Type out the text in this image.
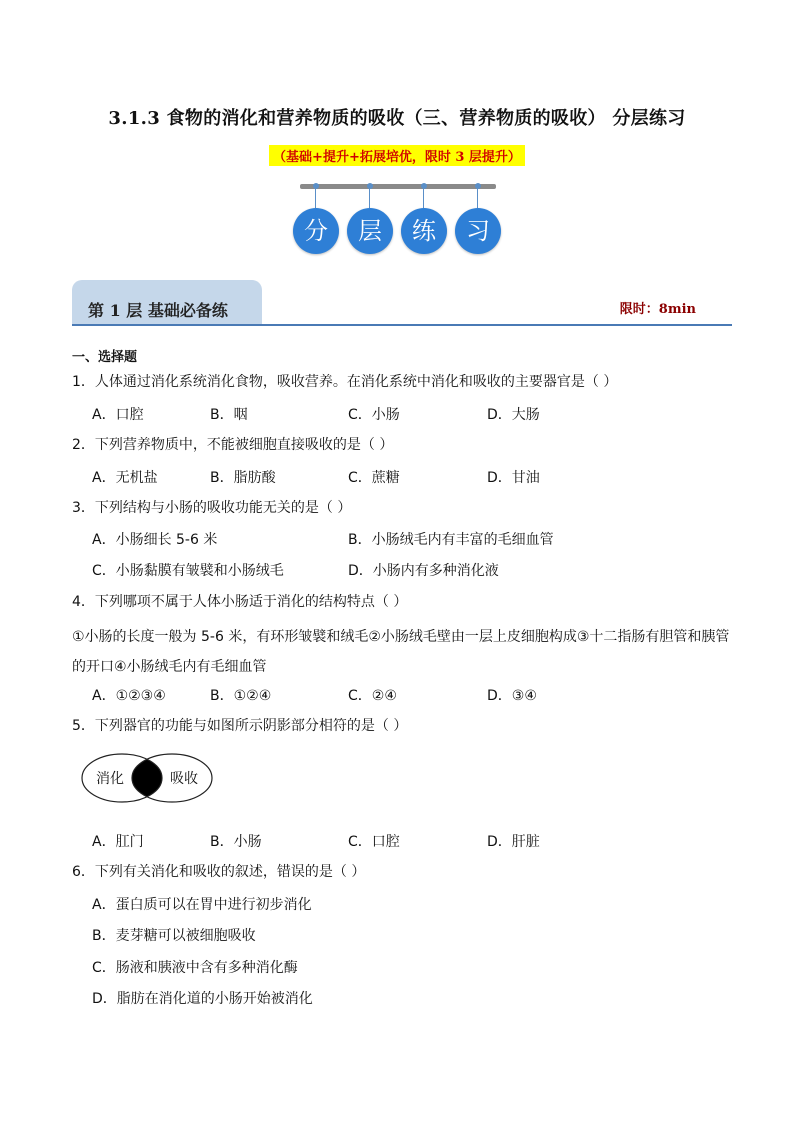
3.1.3 食物的消化和营养物质的吸收（三、营养物质的吸收） 分层练习
（基础+提升+拓展培优，限时 3 层提升）
分	层	练	习
第 1 层 基础必备练	限时：8min
一、选择题
1．人体通过消化系统消化食物，吸收营养。在消化系统中消化和吸收的主要器官是（ ）
A．口腔	B．咽	C．小肠	D．大肠
2．下列营养物质中，不能被细胞直接吸收的是（ ）
A．无机盐	B．脂肪酸	C．蔗糖	D．甘油
3．下列结构与小肠的吸收功能无关的是（ ）
A．小肠细长 5-6 米	B．小肠绒毛内有丰富的毛细血管
C．小肠黏膜有皱襞和小肠绒毛	D．小肠内有多种消化液
4．下列哪项不属于人体小肠适于消化的结构特点（ ）
①小肠的长度一般为 5-6 米，有环形皱襞和绒毛②小肠绒毛壁由一层上皮细胞构成③十二指肠有胆管和胰管的开口④小肠绒毛内有毛细血管
A．①②③④	B．①②④	C．②④	D．③④
5．下列器官的功能与如图所示阴影部分相符的是（ ）
消化	吸收
A．肛门	B．小肠	C．口腔	D．肝脏
6．下列有关消化和吸收的叙述，错误的是（ ）
A．蛋白质可以在胃中进行初步消化
B．麦芽糖可以被细胞吸收
C．肠液和胰液中含有多种消化酶
D．脂肪在消化道的小肠开始被消化
